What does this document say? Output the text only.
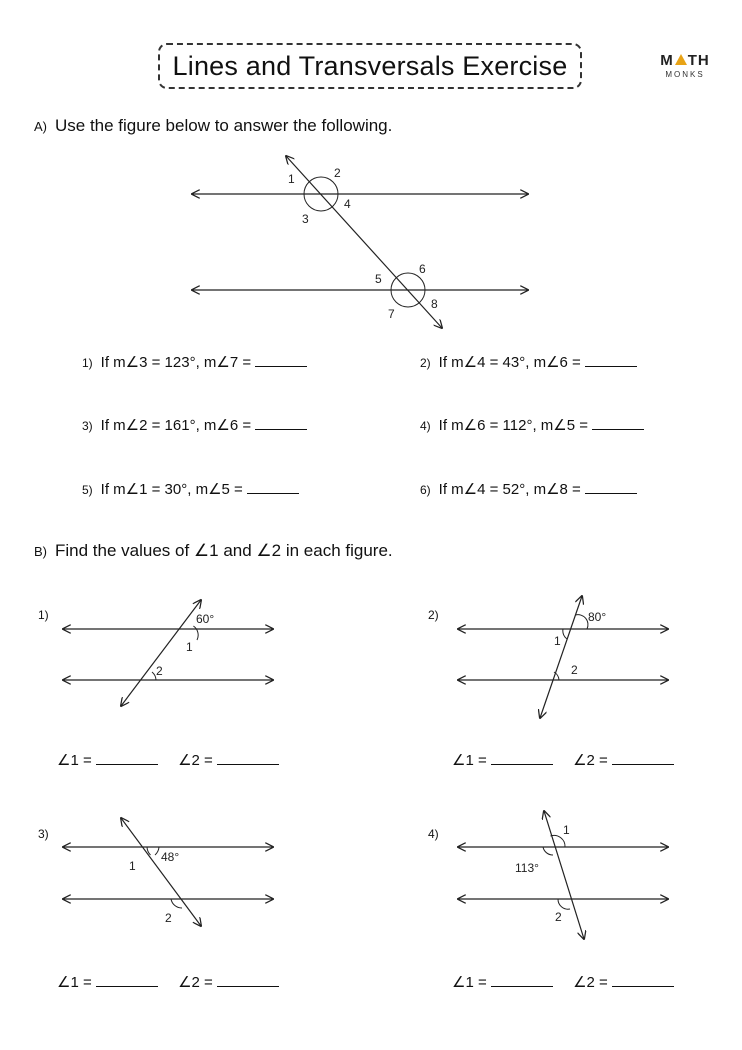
Lines and Transversals Exercise	M TH
MONKS
A) Use the figure below to answer the following.
1	2
3
4
5
6
7
8
1) If m∠3 = 123°, m∠7 =	2) If m∠4 = 43°, m∠6 =
3) If m∠2 = 161°, m∠6 =	4) If m∠6 = 112°, m∠5 =
5) If m∠1 = 30°, m∠5 =	6) If m∠4 = 52°, m∠8 =
B) Find the values of ∠1 and ∠2 in each figure.
1)	60°
1
2
∠1 =	∠2 =
2)	80°
1
2
∠1 =	∠2 =
3)
48°
1
2
∠1 =	∠2 =
4)	1
113°
2
∠1 =	∠2 =
